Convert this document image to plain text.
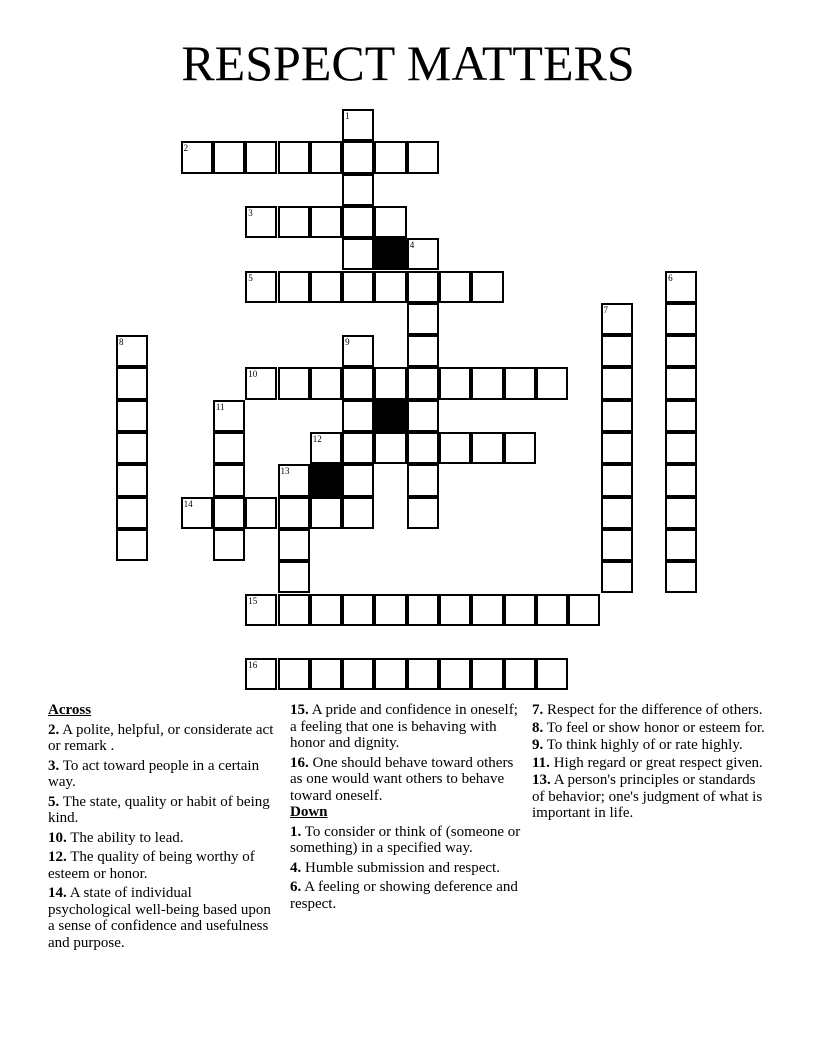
RESPECT MATTERS
1
2
3
4
5	6
7
8	9
10
11
12
13
14
15
16
Across
2. A polite, helpful, or considerate act or remark .
3. To act toward people in a certain way.
5. The state, quality or habit of being kind.
10. The ability to lead.
12. The quality of being worthy of esteem or honor.
14. A state of individual psychological well-being based upon a sense of confidence and usefulness and purpose.
15. A pride and confidence in oneself; a feeling that one is behaving with honor and dignity.
16. One should behave toward others as one would want others to behave toward oneself.
Down
1. To consider or think of (someone or something) in a specified way.
4. Humble submission and respect.
6. A feeling or showing deference and respect.
7. Respect for the difference of others.
8. To feel or show honor or esteem for.
9. To think highly of or rate highly.
11. High regard or great respect given.
13. A person's principles or standards of behavior; one's judgment of what is important in life.
